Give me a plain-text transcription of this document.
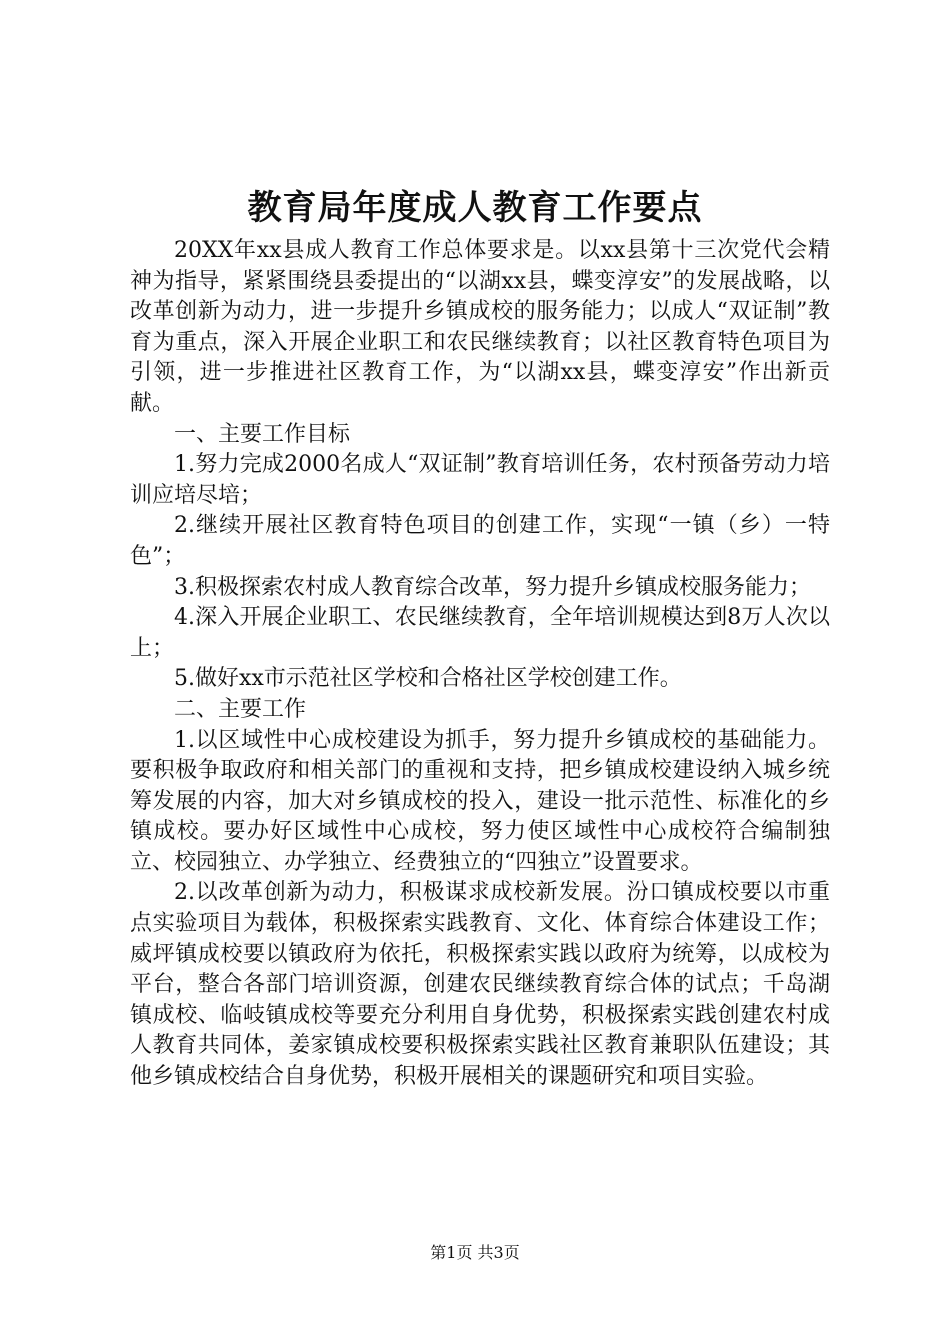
教育局年度成人教育工作要点

20XX年xx县成人教育工作总体要求是。以xx县第十三次党代会精神为指导，紧紧围绕县委提出的“以湖xx县，蝶变淳安”的发展战略，以改革创新为动力，进一步提升乡镇成校的服务能力；以成人“双证制”教育为重点，深入开展企业职工和农民继续教育；以社区教育特色项目为引领，进一步推进社区教育工作，为“以湖xx县，蝶变淳安”作出新贡献。

一、主要工作目标

1.努力完成2000名成人“双证制”教育培训任务，农村预备劳动力培训应培尽培；

2.继续开展社区教育特色项目的创建工作，实现“一镇（乡）一特色”；

3.积极探索农村成人教育综合改革，努力提升乡镇成校服务能力；

4.深入开展企业职工、农民继续教育，全年培训规模达到8万人次以上；

5.做好xx市示范社区学校和合格社区学校创建工作。

二、主要工作

1.以区域性中心成校建设为抓手，努力提升乡镇成校的基础能力。要积极争取政府和相关部门的重视和支持，把乡镇成校建设纳入城乡统筹发展的内容，加大对乡镇成校的投入，建设一批示范性、标准化的乡镇成校。要办好区域性中心成校，努力使区域性中心成校符合编制独立、校园独立、办学独立、经费独立的“四独立”设置要求。

2.以改革创新为动力，积极谋求成校新发展。汾口镇成校要以市重点实验项目为载体，积极探索实践教育、文化、体育综合体建设工作；威坪镇成校要以镇政府为依托，积极探索实践以政府为统筹，以成校为平台，整合各部门培训资源，创建农民继续教育综合体的试点；千岛湖镇成校、临岐镇成校等要充分利用自身优势，积极探索实践创建农村成人教育共同体，姜家镇成校要积极探索实践社区教育兼职队伍建设；其他乡镇成校结合自身优势，积极开展相关的课题研究和项目实验。

第1页 共3页
